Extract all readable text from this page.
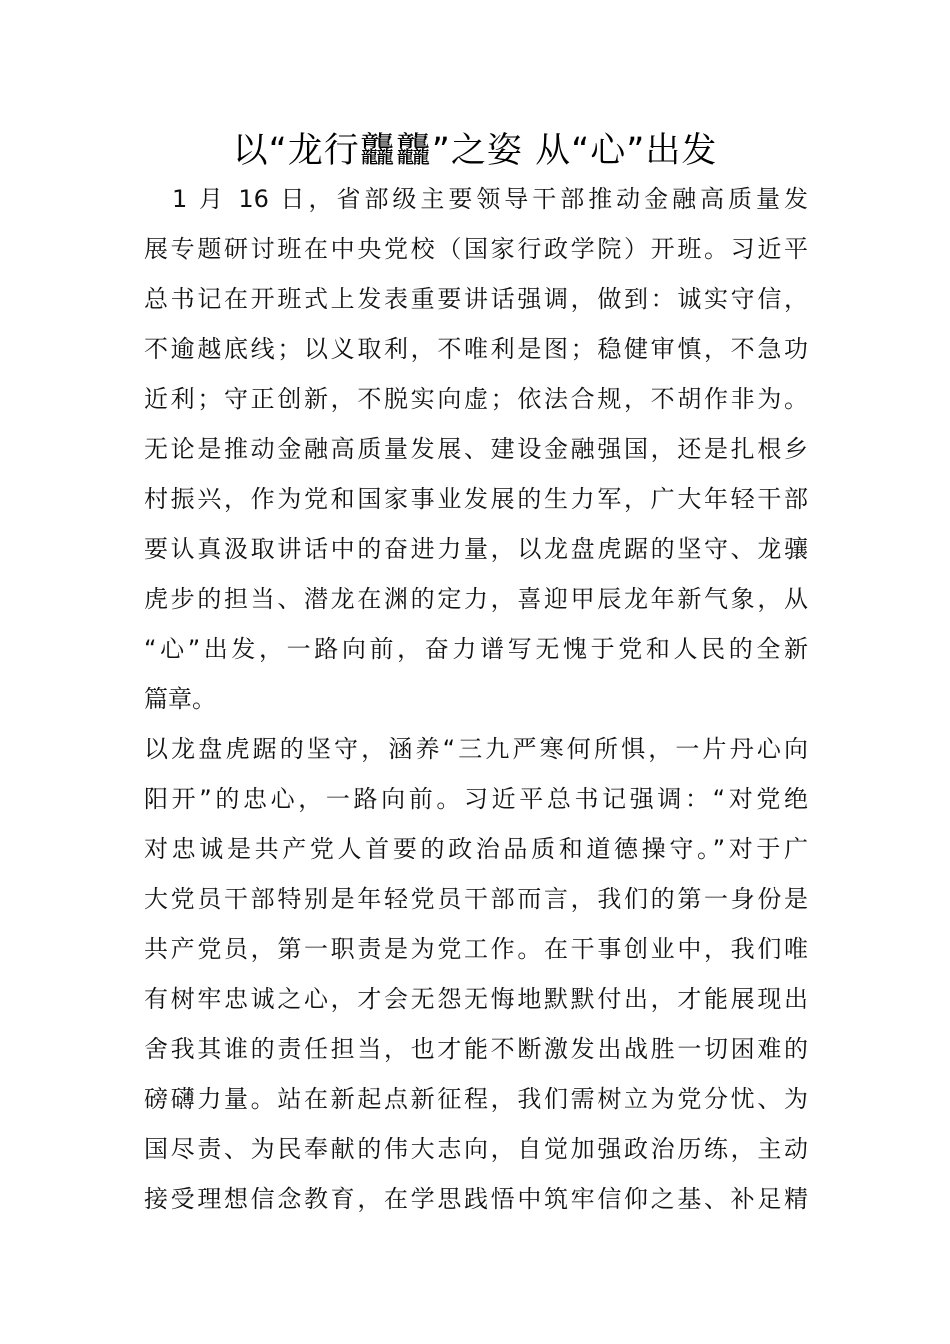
以“龙行龘龘”之姿 从“心”出发
　1 月 16 日，省部级主要领导干部推动金融高质量发
展专题研讨班在中央党校（国家行政学院）开班。习近平
总书记在开班式上发表重要讲话强调，做到：诚实守信，
不逾越底线；以义取利，不唯利是图；稳健审慎，不急功
近利；守正创新，不脱实向虚；依法合规，不胡作非为。
无论是推动金融高质量发展、建设金融强国，还是扎根乡
村振兴，作为党和国家事业发展的生力军，广大年轻干部
要认真汲取讲话中的奋进力量，以龙盘虎踞的坚守、龙骧
虎步的担当、潜龙在渊的定力，喜迎甲辰龙年新气象，从
“心”出发，一路向前，奋力谱写无愧于党和人民的全新
篇章。
以龙盘虎踞的坚守，涵养“三九严寒何所惧，一片丹心向
阳开”的忠心，一路向前。习近平总书记强调：“对党绝
对忠诚是共产党人首要的政治品质和道德操守。”对于广
大党员干部特别是年轻党员干部而言，我们的第一身份是
共产党员，第一职责是为党工作。在干事创业中，我们唯
有树牢忠诚之心，才会无怨无悔地默默付出，才能展现出
舍我其谁的责任担当，也才能不断激发出战胜一切困难的
磅礴力量。站在新起点新征程，我们需树立为党分忧、为
国尽责、为民奉献的伟大志向，自觉加强政治历练，主动
接受理想信念教育，在学思践悟中筑牢信仰之基、补足精
